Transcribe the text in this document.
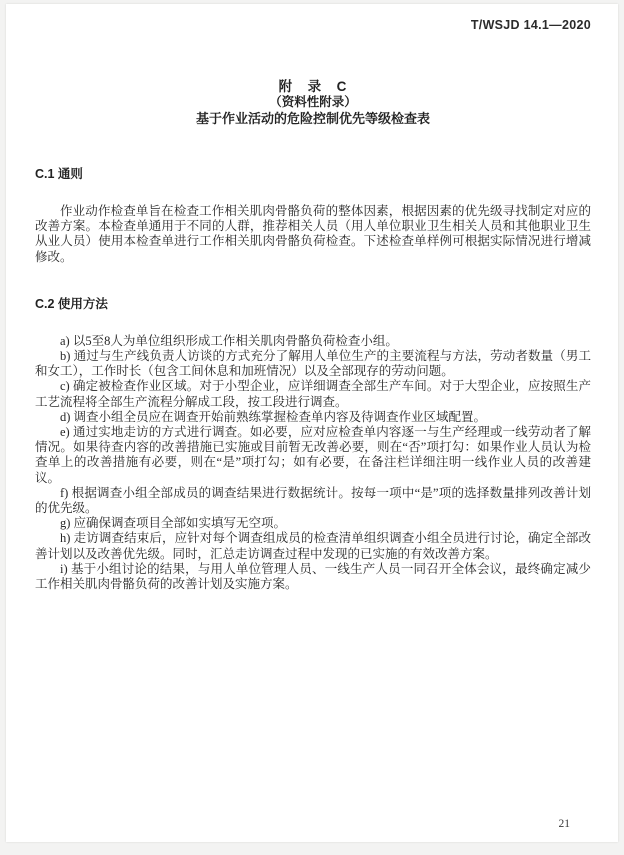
T/WSJD 14.1—2020
附　录　C
（资料性附录）
基于作业活动的危险控制优先等级检查表
C.1 通则

作业动作检查单旨在检查工作相关肌肉骨骼负荷的整体因素，根据因素的优先级寻找制定对应的改善方案。本检查单通用于不同的人群，推荐相关人员（用人单位职业卫生相关人员和其他职业卫生从业人员）使用本检查单进行工作相关肌肉骨骼负荷检查。下述检查单样例可根据实际情况进行增减修改。

C.2 使用方法

a) 以5至8人为单位组织形成工作相关肌肉骨骼负荷检查小组。

b) 通过与生产线负责人访谈的方式充分了解用人单位生产的主要流程与方法，劳动者数量（男工和女工），工作时长（包含工间休息和加班情况）以及全部现存的劳动问题。

c) 确定被检查作业区域。对于小型企业，应详细调查全部生产车间。对于大型企业，应按照生产工艺流程将全部生产流程分解成工段，按工段进行调查。

d) 调查小组全员应在调查开始前熟练掌握检查单内容及待调查作业区域配置。

e) 通过实地走访的方式进行调查。如必要，应对应检查单内容逐一与生产经理或一线劳动者了解情况。如果待查内容的改善措施已实施或目前暂无改善必要，则在“否”项打勾：如果作业人员认为检查单上的改善措施有必要，则在“是”项打勾；如有必要，在备注栏详细注明一线作业人员的改善建议。

f) 根据调查小组全部成员的调查结果进行数据统计。按每一项中“是”项的选择数量排列改善计划的优先级。

g) 应确保调查项目全部如实填写无空项。

h) 走访调查结束后，应针对每个调查组成员的检查清单组织调查小组全员进行讨论，确定全部改善计划以及改善优先级。同时，汇总走访调查过程中发现的已实施的有效改善方案。

i) 基于小组讨论的结果，与用人单位管理人员、一线生产人员一同召开全体会议，最终确定减少工作相关肌肉骨骼负荷的改善计划及实施方案。

21
